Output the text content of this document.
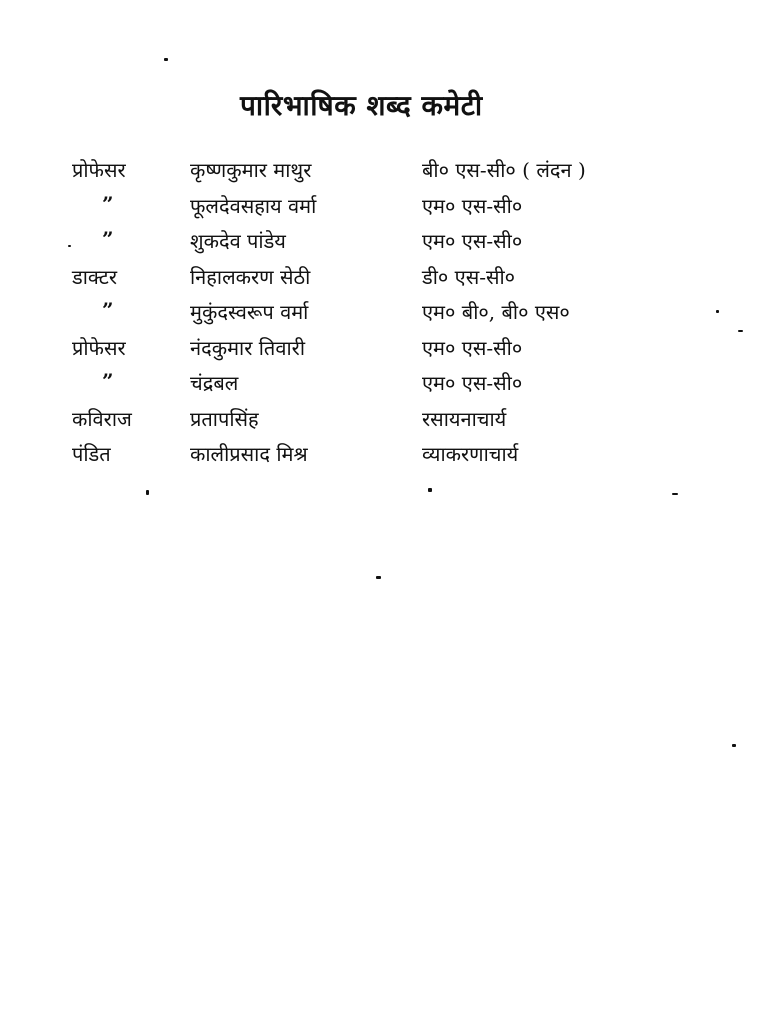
पारिभाषिक शब्द कमेटी
प्रोफेसर	कृष्णकुमार माथुर	बी० एस-सी० ( लंदन )
”	फूलदेवसहाय वर्मा	एम० एस-सी०
”	शुकदेव पांडेय	एम० एस-सी०
डाक्टर	निहालकरण सेठी	डी० एस-सी०
”	मुकुंदस्वरूप वर्मा	एम० बी०, बी० एस०
प्रोफेसर	नंदकुमार तिवारी	एम० एस-सी०
”	चंद्रबल	एम० एस-सी०
कविराज	प्रतापसिंह	रसायनाचार्य
पंडित	कालीप्रसाद मिश्र	व्याकरणाचार्य
